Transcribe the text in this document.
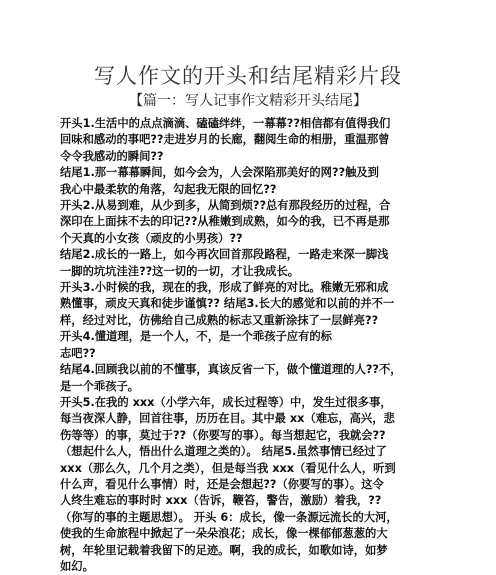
写人作文的开头和结尾精彩片段
【篇一：写人记事作文精彩开头结尾】
开头1.生活中的点点滴滴、磕磕绊绊，一幕幕??相信都有值得我们
回味和感动的事吧??走进岁月的长廊，翻阅生命的相册，重温那曾
令令我感动的瞬间??
结尾1.那一幕幕瞬间，如今会为，人会深陷那美好的网??触及到
我心中最柔软的角落，勾起我无限的回忆??
开头2.从易到难，从少到多，从简到烦??总有那段经历的过程，合
深印在上面抹不去的印记??从稚嫩到成熟，如今的我，已不再是那
个天真的小女孩（顽皮的小男孩）??
结尾2.成长的一路上，如今再次回首那段路程，一路走来深一脚浅
一脚的坑坑洼洼??这一切的一切，才让我成长。
开头3.小时候的我，现在的我，形成了鲜亮的对比。稚嫩无邪和成
熟懂事，顽皮天真和徒步谨慎?? 结尾3.长大的感觉和以前的并不一
样，经过对比，仿佛给自己成熟的标志又重新涂抹了一层鲜亮??
开头4.懂道理，是一个人，不，是一个乖孩子应有的标
志吧??
结尾4.回顾我以前的不懂事，真该反省一下，做个懂道理的人??不，
是一个乖孩子。
开头5.在我的 xxx（小学六年，成长过程等）中，发生过很多事，
每当夜深人静，回首往事，历历在目。其中最 xx（难忘，高兴，悲
伤等等）的事，莫过于??（你要写的事）。每当想起它，我就会??
（想起什么人，悟出什么道理之类的）。 结尾5.虽然事情已经过了
xxx（那么久，几个月之类），但是每当我 xxx（看见什么人，听到
什么声，看见什么事情）时，还是会想起??（你要写的事）。这令
人终生难忘的事时时 xxx（告诉，鞭笞，警告，激励）着我，??
（你写的事的主题思想）。 开头 6：成长，像一条源远流长的大河，
使我的生命旅程中掀起了一朵朵浪花；成长，像一棵郁郁葱葱的大
树，年轮里记载着我留下的足迹。啊，我的成长，如歌如诗，如梦
如幻。
